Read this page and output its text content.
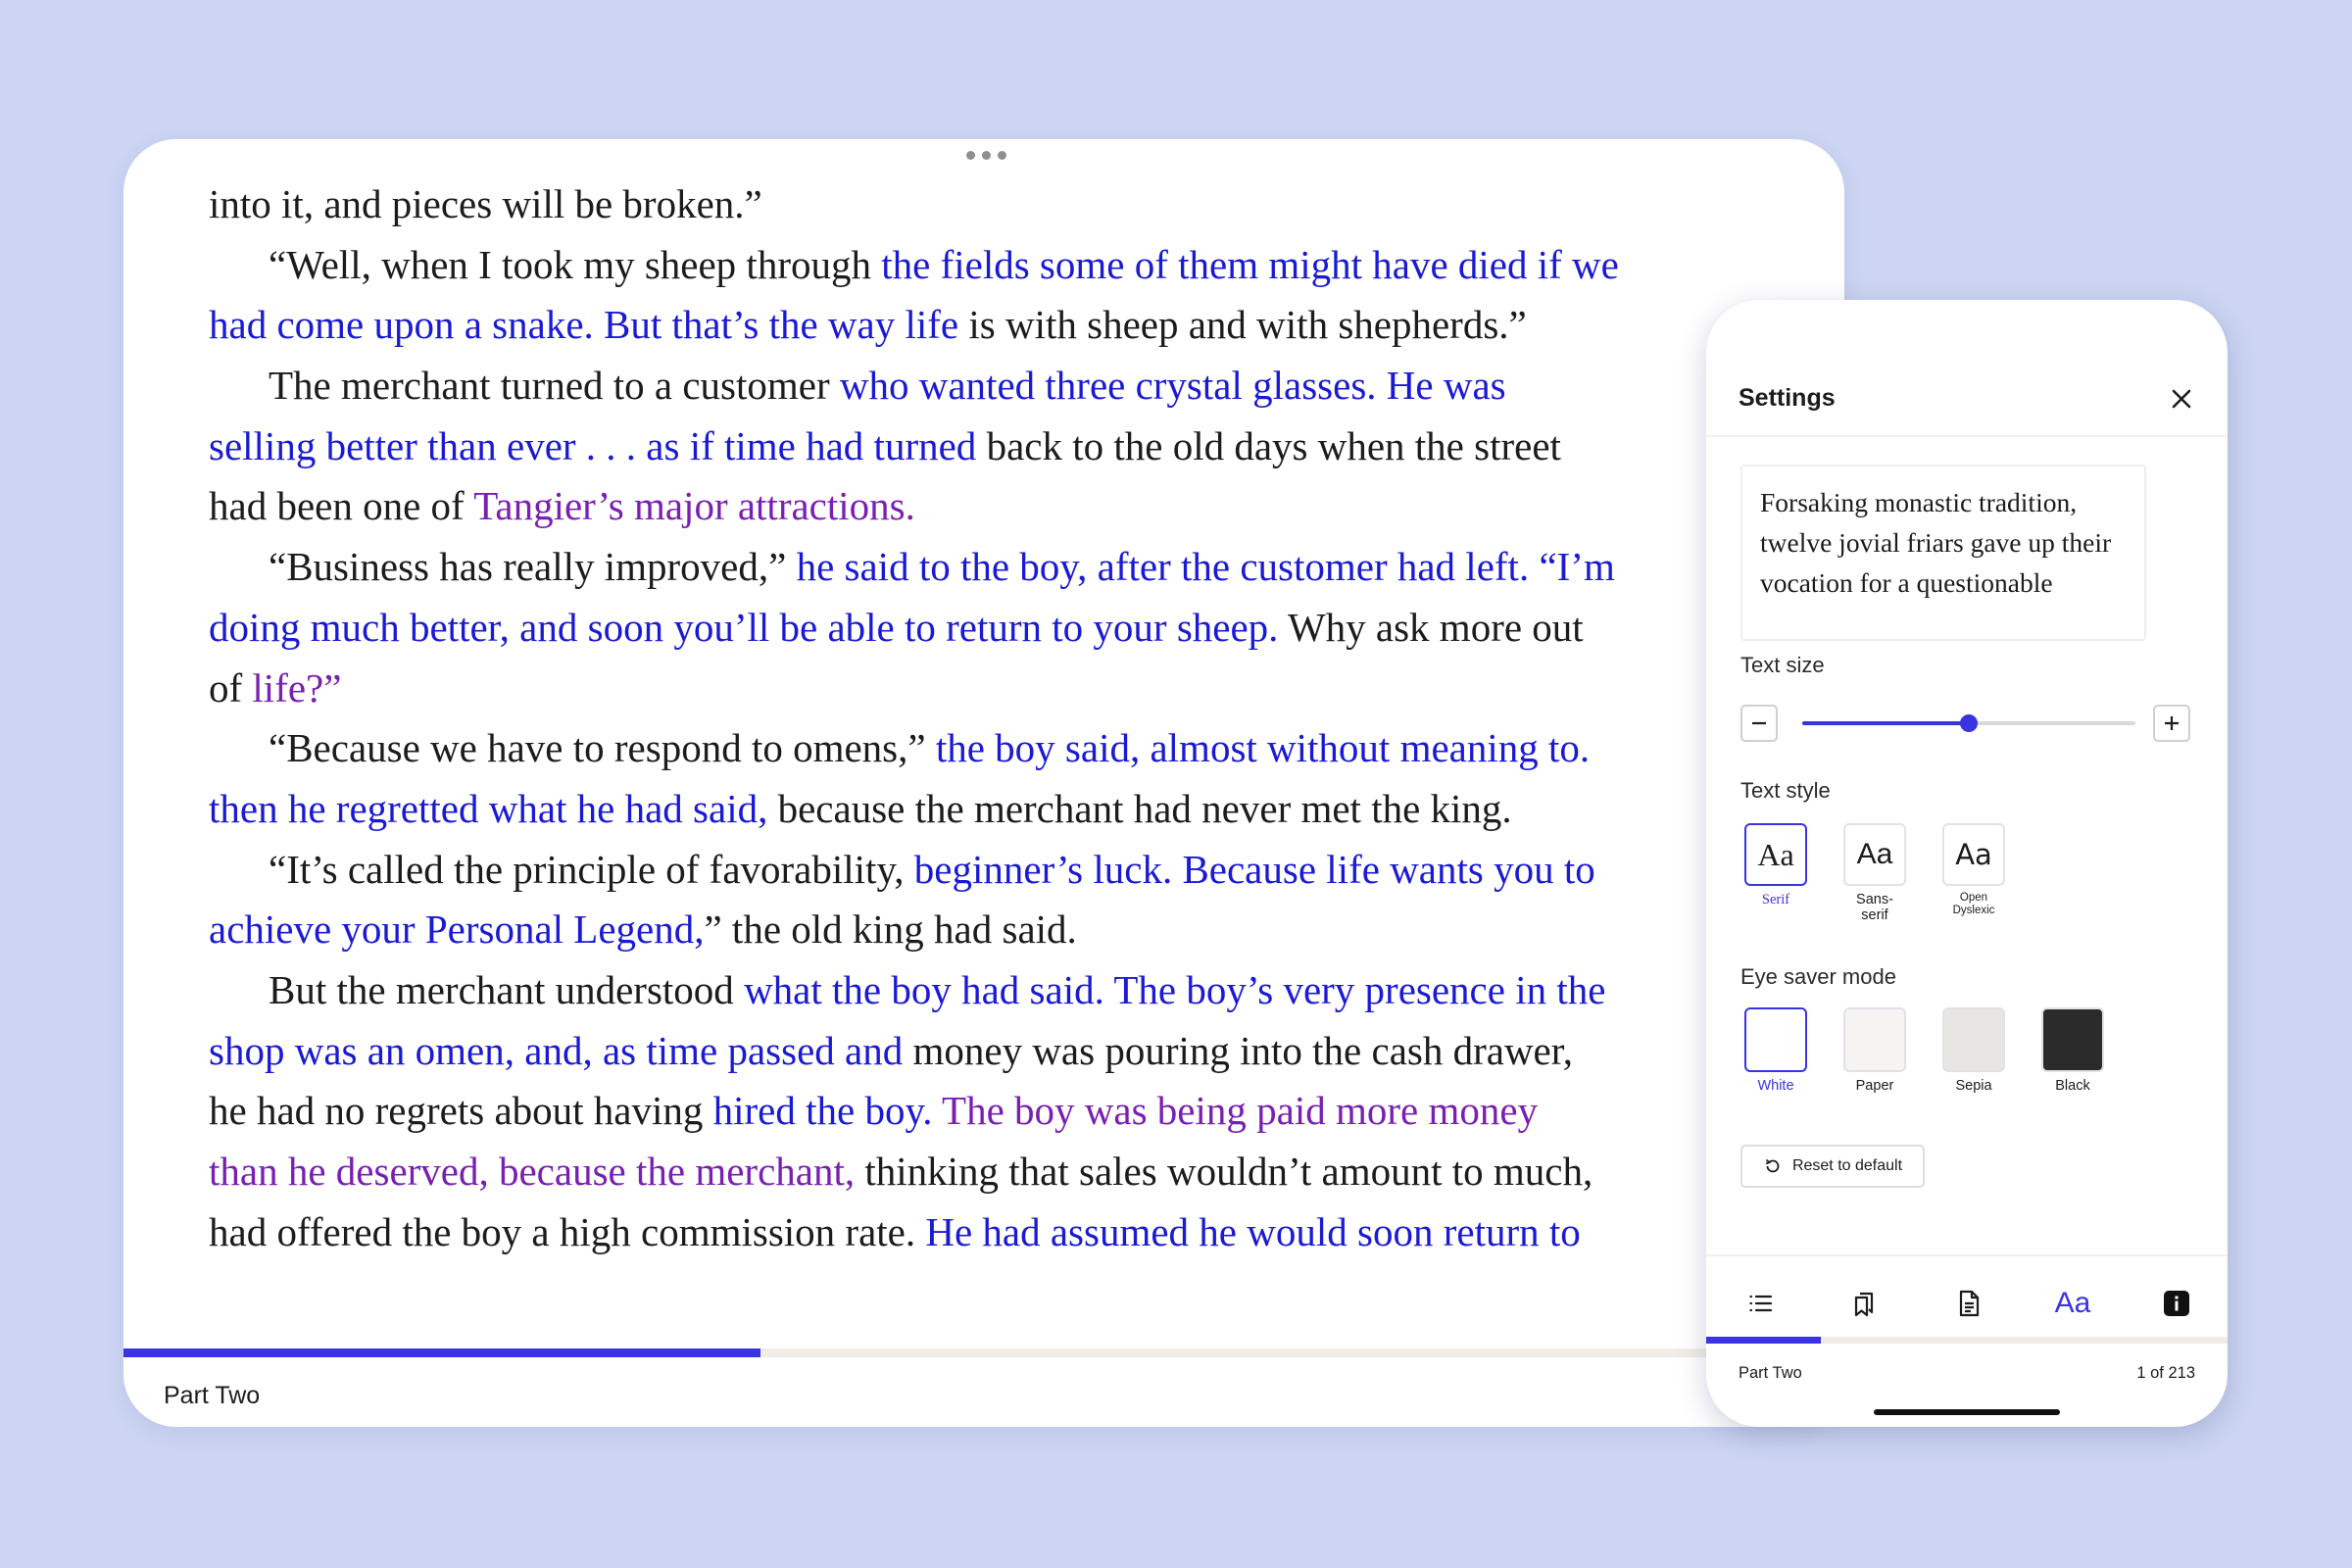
into it, and pieces will be broken.”
“Well, when I took my sheep through the fields some of them might have died if we
had come upon a snake. But that’s the way life is with sheep and with shepherds.”
The merchant turned to a customer who wanted three crystal glasses. He was
selling better than ever . . . as if time had turned back to the old days when the street
had been one of Tangier’s major attractions.
“Business has really improved,” he said to the boy, after the customer had left. “I’m
doing much better, and soon you’ll be able to return to your sheep. Why ask more out
of life?”
“Because we have to respond to omens,” the boy said, almost without meaning to.
then he regretted what he had said, because the merchant had never met the king.
“It’s called the principle of favorability, beginner’s luck. Because life wants you to
achieve your Personal Legend,” the old king had said.
But the merchant understood what the boy had said. The boy’s very presence in the
shop was an omen, and, as time passed and money was pouring into the cash drawer,
he had no regrets about having hired the boy. The boy was being paid more money
than he deserved, because the merchant, thinking that sales wouldn’t amount to much,
had offered the boy a high commission rate. He had assumed he would soon return to
Part Two
Settings
Forsaking monastic tradition, twelve jovial friars gave up their vocation for a questionable
Text size
Text style
Aa
Serif
Aa
Sans-serif
Aa
Open Dyslexic
Eye saver mode
White	Paper	Sepia	Black
Reset to default
Aa
Part Two	1 of 213
